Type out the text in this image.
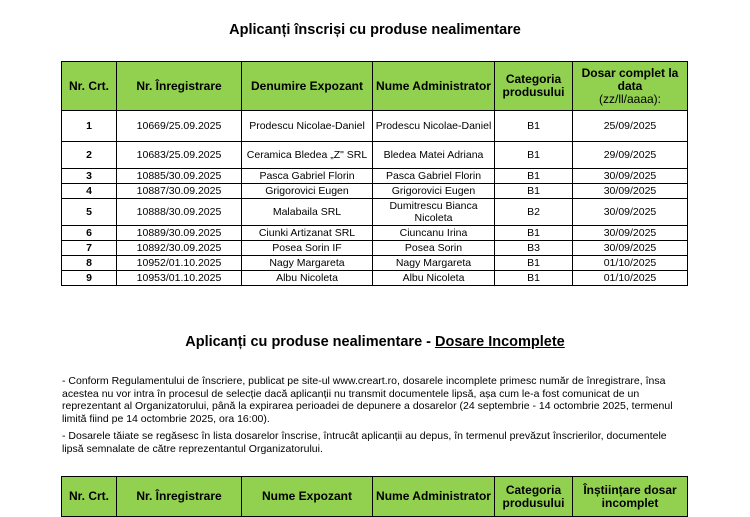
Aplicanți înscriși cu produse nealimentare
Nr. Crt.	Nr. Înregistrare	Denumire Expozant	Nume Administrator	Categoria produsului	Dosar complet la data
(zz/ll/aaaa):

1	10669/25.09.2025	Prodescu Nicolae-Daniel	Prodescu Nicolae-Daniel	B1	25/09/2025
2	10683/25.09.2025	Ceramica Bledea „Z" SRL	Bledea Matei Adriana	B1	29/09/2025
3	10885/30.09.2025	Pasca Gabriel Florin	Pasca Gabriel Florin	B1	30/09/2025
4	10887/30.09.2025	Grigorovici Eugen	Grigorovici Eugen	B1	30/09/2025
5	10888/30.09.2025	Malabaila SRL	Dumitrescu Bianca Nicoleta	B2	30/09/2025
6	10889/30.09.2025	Ciunki Artizanat SRL	Ciuncanu Irina	B1	30/09/2025
7	10892/30.09.2025	Posea Sorin IF	Posea Sorin	B3	30/09/2025
8	10952/01.10.2025	Nagy Margareta	Nagy Margareta	B1	01/10/2025
9	10953/01.10.2025	Albu Nicoleta	Albu Nicoleta	B1	01/10/2025
Aplicanți cu produse nealimentare - Dosare Incomplete

- Conform Regulamentului de înscriere, publicat pe site-ul www.creart.ro, dosarele incomplete primesc număr de înregistrare, însa acestea nu vor intra în procesul de selecție dacă aplicanții nu transmit documentele lipsă, așa cum le-a fost comunicat de un reprezentant al Organizatorului, până la expirarea perioadei de depunere a dosarelor (24 septembrie - 14 octombrie 2025, termenul limită fiind pe 14 octombrie 2025, ora 16:00).

- Dosarele tăiate se regăsesc în lista dosarelor înscrise, întrucât aplicanții au depus, în termenul prevăzut înscrierilor, documentele lipsă semnalate de către reprezentantul Organizatorului.

Nr. Crt.	Nr. Înregistrare	Nume Expozant	Nume Administrator	Categoria produsului	Înștiințare dosar incomplet
